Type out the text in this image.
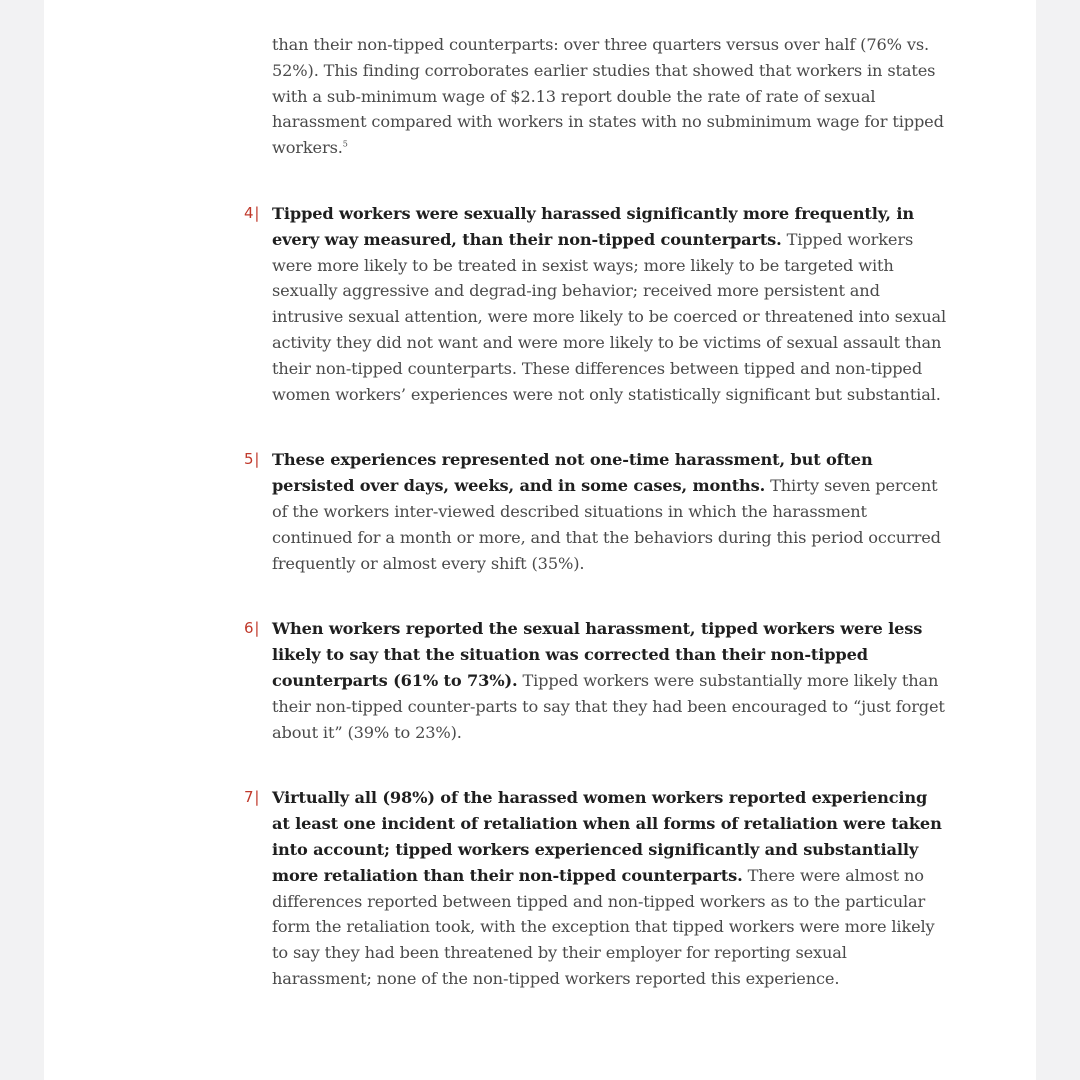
than their non-tipped counterparts: over three quarters versus over half (76% vs. 52%). This finding corroborates earlier studies that showed that workers in states with a sub-minimum wage of $2.13 report double the rate of rate of sexual harassment compared with workers in states with no subminimum wage for tipped workers.$^5$

4| Tipped workers were sexually harassed significantly more frequently, in every way measured, than their non-tipped counterparts. Tipped workers were more likely to be treated in sexist ways; more likely to be targeted with sexually aggressive and degrad-ing behavior; received more persistent and intrusive sexual attention, were more likely to be coerced or threatened into sexual activity they did not want and were more likely to be victims of sexual assault than their non-tipped counterparts. These differences between tipped and non-tipped women workers’ experiences were not only statistically significant but substantial.

5| These experiences represented not one-time harassment, but often persisted over days, weeks, and in some cases, months. Thirty seven percent of the workers inter-viewed described situations in which the harassment continued for a month or more, and that the behaviors during this period occurred frequently or almost every shift (35%).

6| When workers reported the sexual harassment, tipped workers were less likely to say that the situation was corrected than their non-tipped counterparts (61% to 73%). Tipped workers were substantially more likely than their non-tipped counter-parts to say that they had been encouraged to “just forget about it” (39% to 23%).

7| Virtually all (98%) of the harassed women workers reported experiencing at least one incident of retaliation when all forms of retaliation were taken into account; tipped workers experienced significantly and substantially more retaliation than their non-tipped counterparts. There were almost no differences reported between tipped and non-tipped workers as to the particular form the retaliation took, with the exception that tipped workers were more likely to say they had been threatened by their employer for reporting sexual harassment; none of the non-tipped workers reported this experience.
